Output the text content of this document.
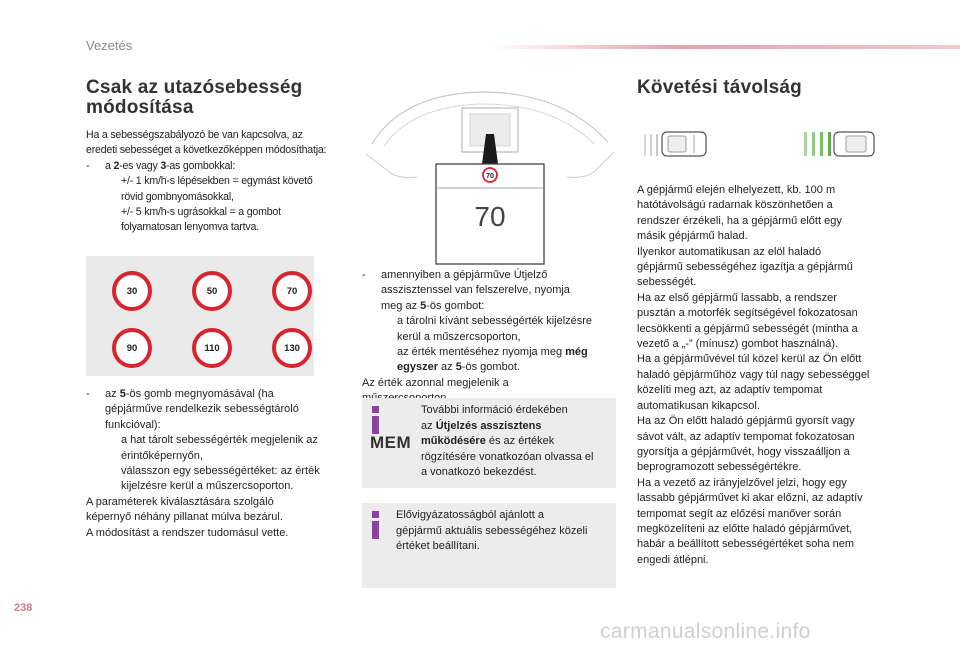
Vezetés
Csak az utazósebesség
módosítása
Ha a sebességszabályozó be van kapcsolva, az
eredeti sebességet a következőképpen módosíthatja:
- a 2-es vagy 3-as gombokkal:
+/- 1 km/h-s lépésekben = egymást követő
rövid gombnyomásokkal,
+/- 5 km/h-s ugrásokkal = a gombot
folyamatosan lenyomva tartva.
30	50	70
90	110	130
- az 5-ös gomb megnyomásával (ha
gépjárműve rendelkezik sebességtároló
funkcióval):
a hat tárolt sebességérték megjelenik az
érintőképernyőn,
válasszon egy sebességértéket: az érték
kijelzésre kerül a műszercsoporton.
A paraméterek kiválasztására szolgáló
képernyő néhány pillanat múlva bezárul.
A módosítást a rendszer tudomásul vette.
70
70
- amennyiben a gépjárműve Útjelző
asszisztenssel van felszerelve, nyomja
meg az 5-ös gombot:
a tárolni kívánt sebességérték kijelzésre
kerül a műszercsoporton,
az érték mentéséhez nyomja meg még
egyszer az 5-ös gombot.
Az érték azonnal megjelenik a
MEM
További információ érdekében
az Útjelzés asszisztens
működésére és az értékek
rögzítésére vonatkozóan olvassa el
a vonatkozó bekezdést.
Elővigyázatosságból ajánlott a
gépjármű aktuális sebességéhez közeli
értéket beállítani.
Követési távolság
A gépjármű elején elhelyezett, kb. 100 m
hatótávolságú radarnak köszönhetően a
rendszer érzékeli, ha a gépjármű előtt egy
másik gépjármű halad.
Ilyenkor automatikusan az elöl haladó
gépjármű sebességéhez igazítja a gépjármű
sebességét.
Ha az első gépjármű lassabb, a rendszer
pusztán a motorfék segítségével fokozatosan
lecsökkenti a gépjármű sebességét (mintha a
vezető a „-” (mínusz) gombot használná).
Ha a gépjárművével túl közel kerül az Ön előtt
haladó gépjárműhöz vagy túl nagy sebességgel
közelíti meg azt, az adaptív tempomat
automatikusan kikapcsol.
Ha az Ön előtt haladó gépjármű gyorsít vagy
sávot vált, az adaptív tempomat fokozatosan
gyorsítja a gépjárművét, hogy visszaálljon a
beprogramozott sebességértékre.
Ha a vezető az irányjelzővel jelzi, hogy egy
lassabb gépjárművet ki akar előzni, az adaptív
tempomat segít az előzési manőver során
megközelíteni az előtte haladó gépjárművet,
habár a beállított sebességértéket soha nem
engedi átlépni.
238
carmanualsonline.info
